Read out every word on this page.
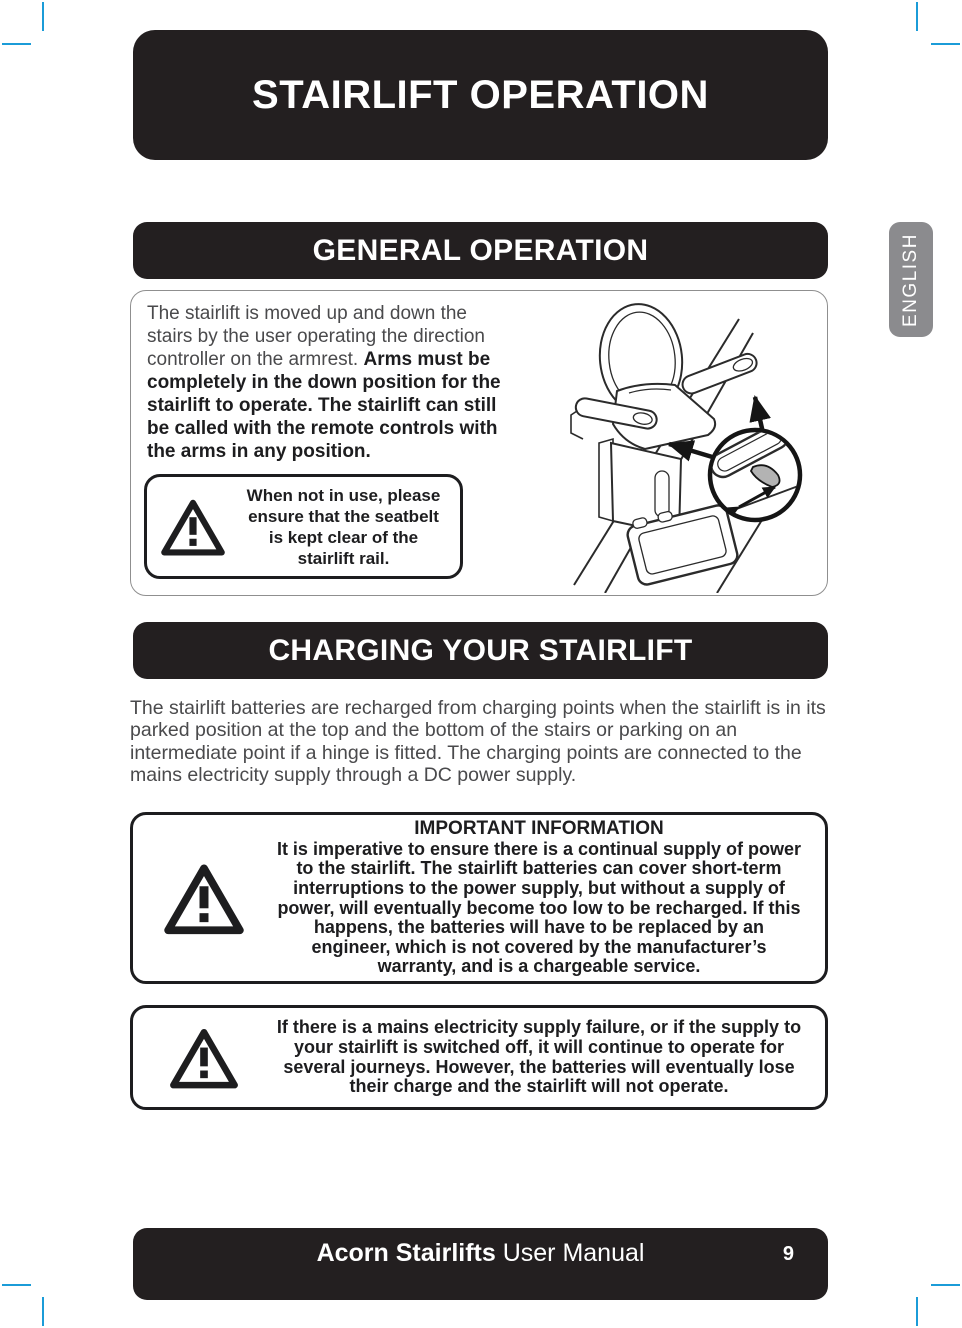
STAIRLIFT OPERATION
GENERAL OPERATION
The stairlift is moved up and down the stairs by the user operating the direction controller on the armrest. Arms must be completely in the down position for the stairlift to operate. The stairlift can still be called with the remote controls with the arms in any position.
When not in use, please ensure that the seatbelt is kept clear of the stairlift rail.
CHARGING YOUR STAIRLIFT
The stairlift batteries are recharged from charging points when the stairlift is in its parked position at the top and the bottom of the stairs or parking on an intermediate point if a hinge is fitted. The charging points are connected to the mains electricity supply through a DC power supply.
IMPORTANT INFORMATION
It is imperative to ensure there is a continual supply of power to the stairlift. The stairlift batteries can cover short-term interruptions to the power supply, but without a supply of power, will eventually become too low to be recharged. If this happens, the batteries will have to be replaced by an engineer, which is not covered by the manufacturer’s warranty, and is a chargeable service.
If there is a mains electricity supply failure, or if the supply to your stairlift is switched off, it will continue to operate for several journeys. However, the batteries will eventually lose their charge and the stairlift will not operate.
Acorn Stairlifts User Manual	9
ENGLISH
